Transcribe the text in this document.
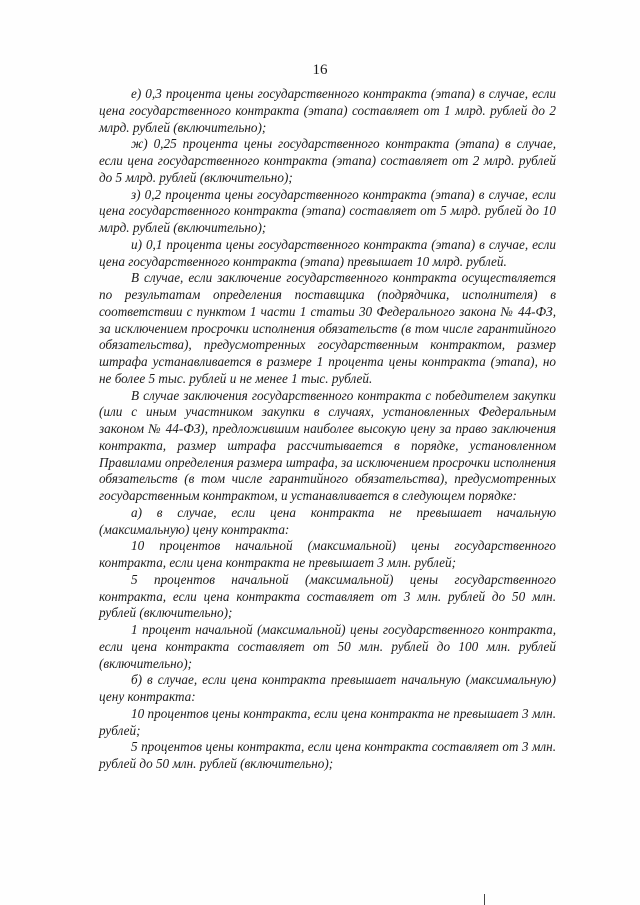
16

е) 0,3 процента цены государственного контракта (этапа) в случае, если цена государственного контракта (этапа) составляет от 1 млрд. рублей до 2 млрд. рублей (включительно);

ж) 0,25 процента цены государственного контракта (этапа) в случае, если цена государственного контракта (этапа) составляет от 2 млрд. рублей до 5 млрд. рублей (включительно);

з) 0,2 процента цены государственного контракта (этапа) в случае, если цена государственного контракта (этапа) составляет от 5 млрд. рублей до 10 млрд. рублей (включительно);

и) 0,1 процента цены государственного контракта (этапа) в случае, если цена государственного контракта (этапа) превышает 10 млрд. рублей.

В случае, если заключение государственного контракта осуществляется по результатам определения поставщика (подрядчика, исполнителя) в соответствии с пунктом 1 части 1 статьи 30 Федерального закона № 44-ФЗ, за исключением просрочки исполнения обязательств (в том числе гарантийного обязательства), предусмотренных государственным контрактом, размер штрафа устанавливается в размере 1 процента цены контракта (этапа), но не более 5 тыс. рублей и не менее 1 тыс. рублей.

В случае заключения государственного контракта с победителем закупки (или с иным участником закупки в случаях, установленных Федеральным законом № 44-ФЗ), предложившим наиболее высокую цену за право заключения контракта, размер штрафа рассчитывается в порядке, установленном Правилами определения размера штрафа, за исключением просрочки исполнения обязательств (в том числе гарантийного обязательства), предусмотренных государственным контрактом, и устанавливается в следующем порядке:

а) в случае, если цена контракта не превышает начальную (максимальную) цену контракта:

10 процентов начальной (максимальной) цены государственного контракта, если цена контракта не превышает 3 млн. рублей;

5 процентов начальной (максимальной) цены государственного контракта, если цена контракта составляет от 3 млн. рублей до 50 млн. рублей (включительно);

1 процент начальной (максимальной) цены государственного контракта, если цена контракта составляет от 50 млн. рублей до 100 млн. рублей (включительно);

б) в случае, если цена контракта превышает начальную (максимальную) цену контракта:

10 процентов цены контракта, если цена контракта не превышает 3 млн. рублей;

5 процентов цены контракта, если цена контракта составляет от 3 млн. рублей до 50 млн. рублей (включительно);
